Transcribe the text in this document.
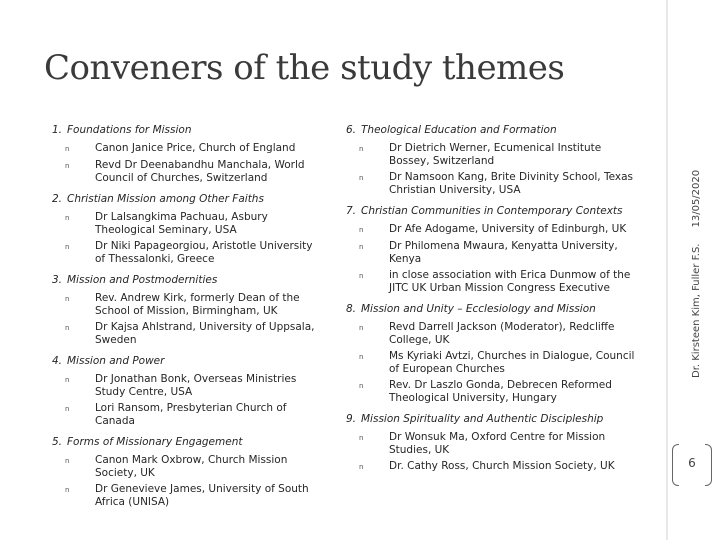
Conveners of the study themes
1. Foundations for Mission
n	Canon Janice Price, Church of England
n	Revd Dr Deenabandhu Manchala, World Council of Churches, Switzerland
2. Christian Mission among Other Faiths
n	Dr Lalsangkima Pachuau, Asbury Theological Seminary, USA
n	Dr Niki Papageorgiou, Aristotle University of Thessalonki, Greece
3. Mission and Postmodernities
n	Rev. Andrew Kirk, formerly Dean of the School of Mission, Birmingham, UK
n	Dr Kajsa Ahlstrand, University of Uppsala, Sweden
4. Mission and Power
n	Dr Jonathan Bonk, Overseas Ministries Study Centre, USA
n	Lori Ransom, Presbyterian Church of Canada
5. Forms of Missionary Engagement
n	Canon Mark Oxbrow, Church Mission Society, UK
n	Dr Genevieve James, University of South Africa (UNISA)
6. Theological Education and Formation
n	Dr Dietrich Werner, Ecumenical Institute Bossey, Switzerland
n	Dr Namsoon Kang, Brite Divinity School, Texas Christian University, USA
7. Christian Communities in Contemporary Contexts
n	Dr Afe Adogame, University of Edinburgh, UK
n	Dr Philomena Mwaura, Kenyatta University, Kenya
n	in close association with Erica Dunmow of the JITC UK Urban Mission Congress Executive
8. Mission and Unity – Ecclesiology and Mission
n	Revd Darrell Jackson (Moderator), Redcliffe College, UK
n	Ms Kyriaki Avtzi, Churches in Dialogue, Council of European Churches
n	Rev. Dr Laszlo Gonda, Debrecen Reformed Theological University, Hungary
9. Mission Spirituality and Authentic Discipleship
n	Dr Wonsuk Ma, Oxford Centre for Mission Studies, UK
n	Dr. Cathy Ross, Church Mission Society, UK
Dr. Kirsteen Kim, Fuller F.S.13/05/2020
6
